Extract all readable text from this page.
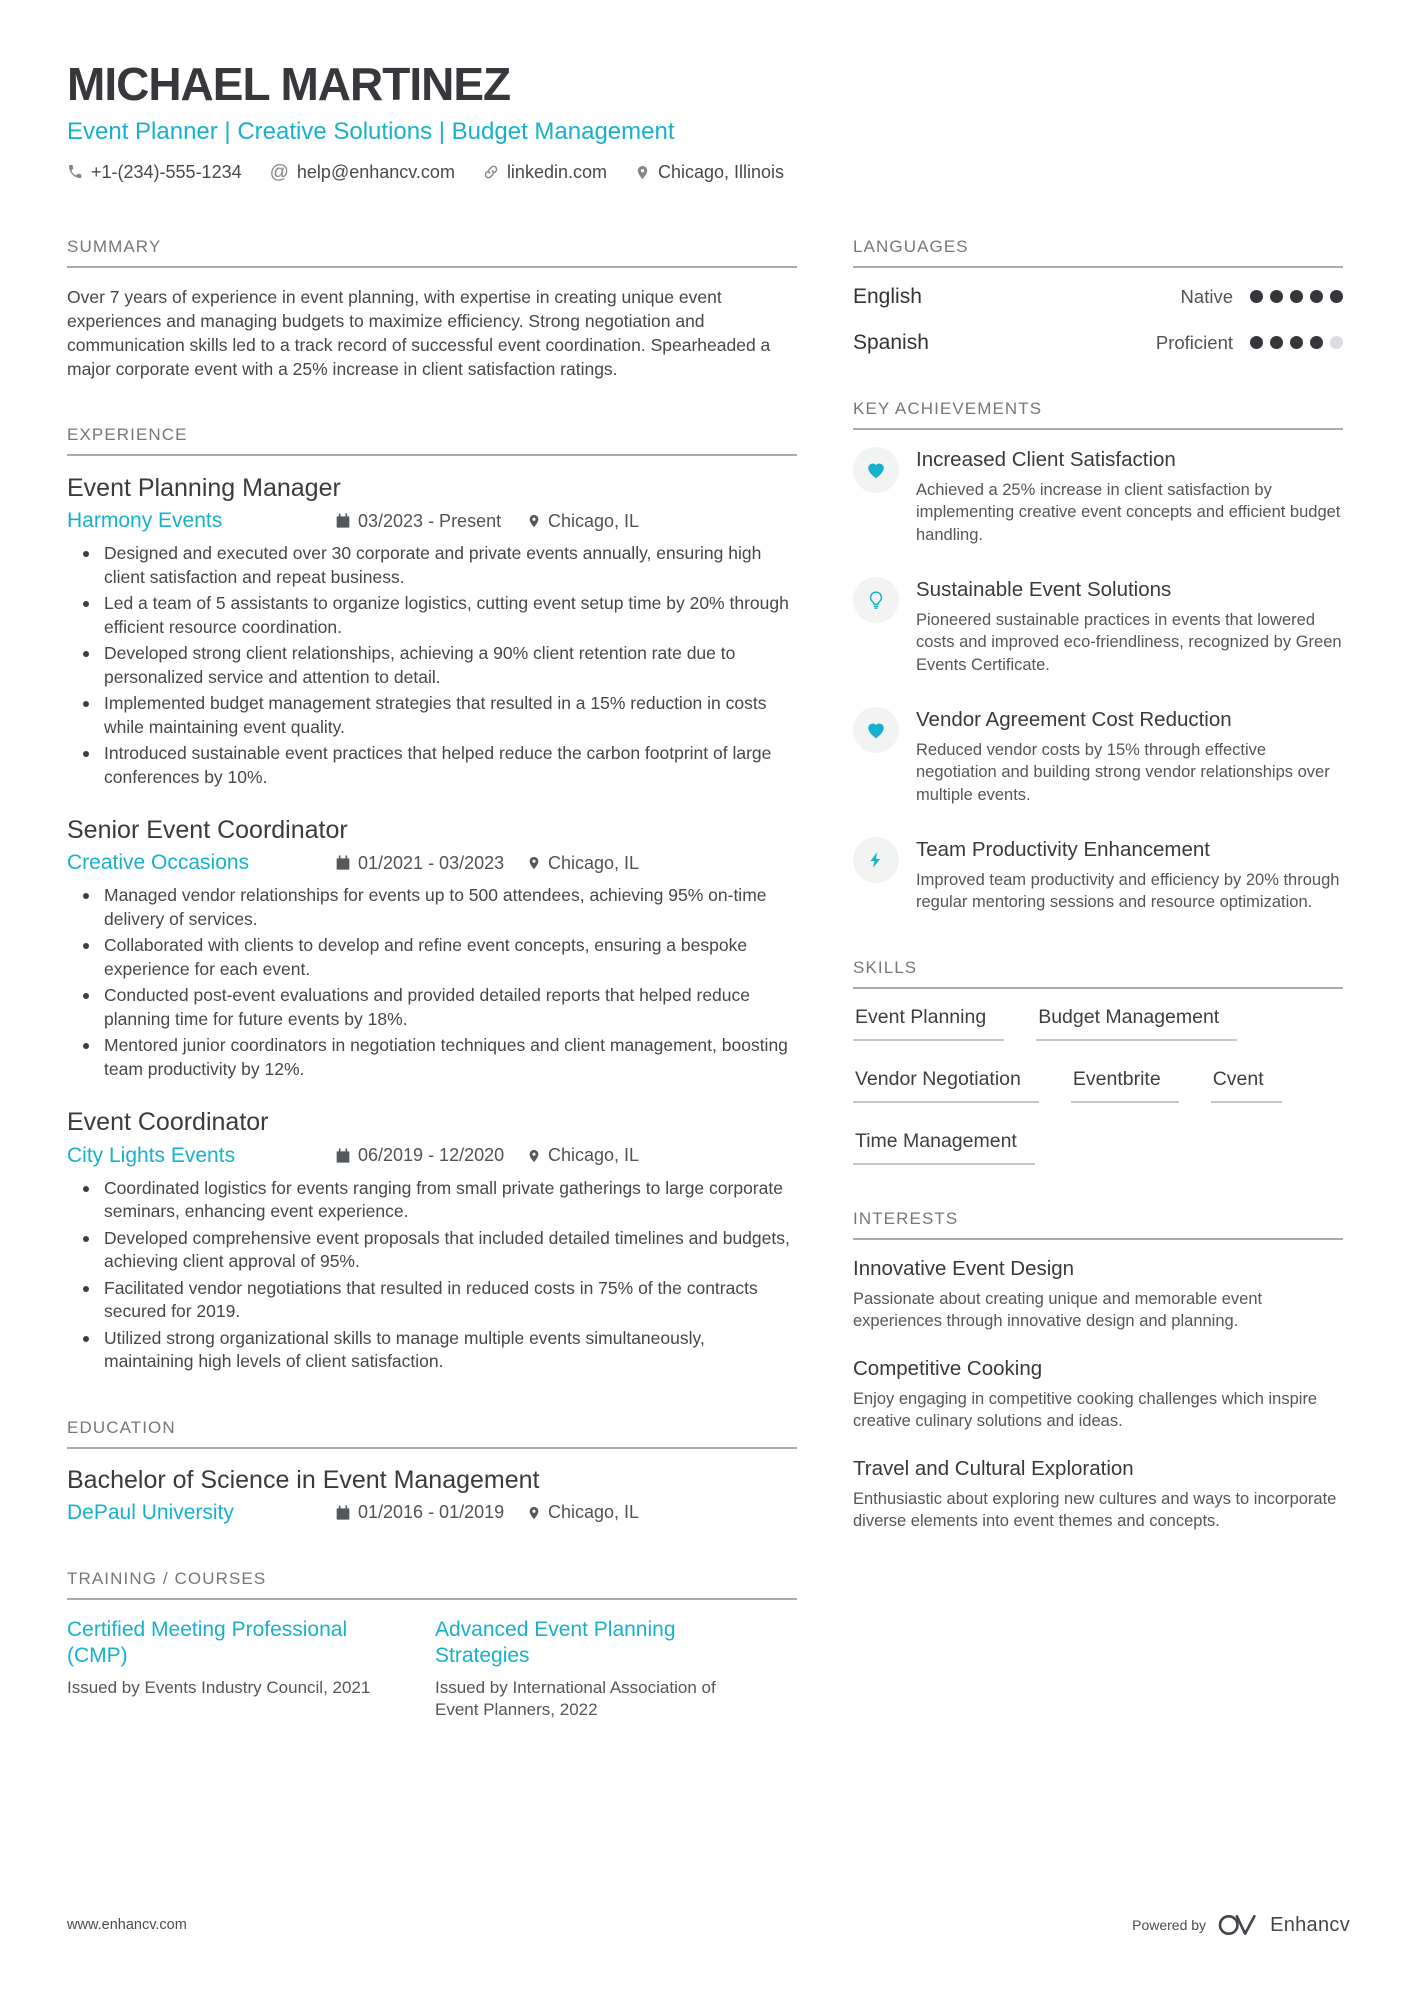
MICHAEL MARTINEZ
Event Planner | Creative Solutions | Budget Management
+1-(234)-555-1234 @ help@enhancv.com	linkedin.com	Chicago, Illinois
SUMMARY
Over 7 years of experience in event planning, with expertise in creating unique event experiences and managing budgets to maximize efficiency. Strong negotiation and communication skills led to a track record of successful event coordination. Spearheaded a major corporate event with a 25% increase in client satisfaction ratings.
EXPERIENCE
Event Planning Manager
Harmony Events	03/2023 - Present	Chicago, IL
Designed and executed over 30 corporate and private events annually, ensuring high client satisfaction and repeat business.
Led a team of 5 assistants to organize logistics, cutting event setup time by 20% through efficient resource coordination.
Developed strong client relationships, achieving a 90% client retention rate due to personalized service and attention to detail.
Implemented budget management strategies that resulted in a 15% reduction in costs while maintaining event quality.
Introduced sustainable event practices that helped reduce the carbon footprint of large conferences by 10%.
Senior Event Coordinator
Creative Occasions	01/2021 - 03/2023 Chicago, IL
Managed vendor relationships for events up to 500 attendees, achieving 95% on-time delivery of services.
Collaborated with clients to develop and refine event concepts, ensuring a bespoke experience for each event.
Conducted post-event evaluations and provided detailed reports that helped reduce planning time for future events by 18%.
Mentored junior coordinators in negotiation techniques and client management, boosting team productivity by 12%.
Event Coordinator
City Lights Events	06/2019 - 12/2020 Chicago, IL
Coordinated logistics for events ranging from small private gatherings to large corporate seminars, enhancing event experience.
Developed comprehensive event proposals that included detailed timelines and budgets, achieving client approval of 95%.
Facilitated vendor negotiations that resulted in reduced costs in 75% of the contracts secured for 2019.
Utilized strong organizational skills to manage multiple events simultaneously, maintaining high levels of client satisfaction.
EDUCATION
Bachelor of Science in Event Management
DePaul University	01/2016 - 01/2019 Chicago, IL
TRAINING / COURSES
Certified Meeting Professional (CMP)
Issued by Events Industry Council, 2021
Advanced Event Planning Strategies
Issued by International Association of Event Planners, 2022
LANGUAGES
English	Native
Spanish	Proficient
KEY ACHIEVEMENTS
Increased Client Satisfaction
Achieved a 25% increase in client satisfaction by implementing creative event concepts and efficient budget handling.
Sustainable Event Solutions
Pioneered sustainable practices in events that lowered costs and improved eco-friendliness, recognized by Green Events Certificate.
Vendor Agreement Cost Reduction
Reduced vendor costs by 15% through effective negotiation and building strong vendor relationships over multiple events.
Team Productivity Enhancement
Improved team productivity and efficiency by 20% through regular mentoring sessions and resource optimization.
SKILLS
Event Planning	Budget Management
Vendor Negotiation	Eventbrite	Cvent
Time Management
INTERESTS
Innovative Event Design
Passionate about creating unique and memorable event experiences through innovative design and planning.
Competitive Cooking
Enjoy engaging in competitive cooking challenges which inspire creative culinary solutions and ideas.
Travel and Cultural Exploration
Enthusiastic about exploring new cultures and ways to incorporate diverse elements into event themes and concepts.
www.enhancv.com	Powered by	Enhancv
